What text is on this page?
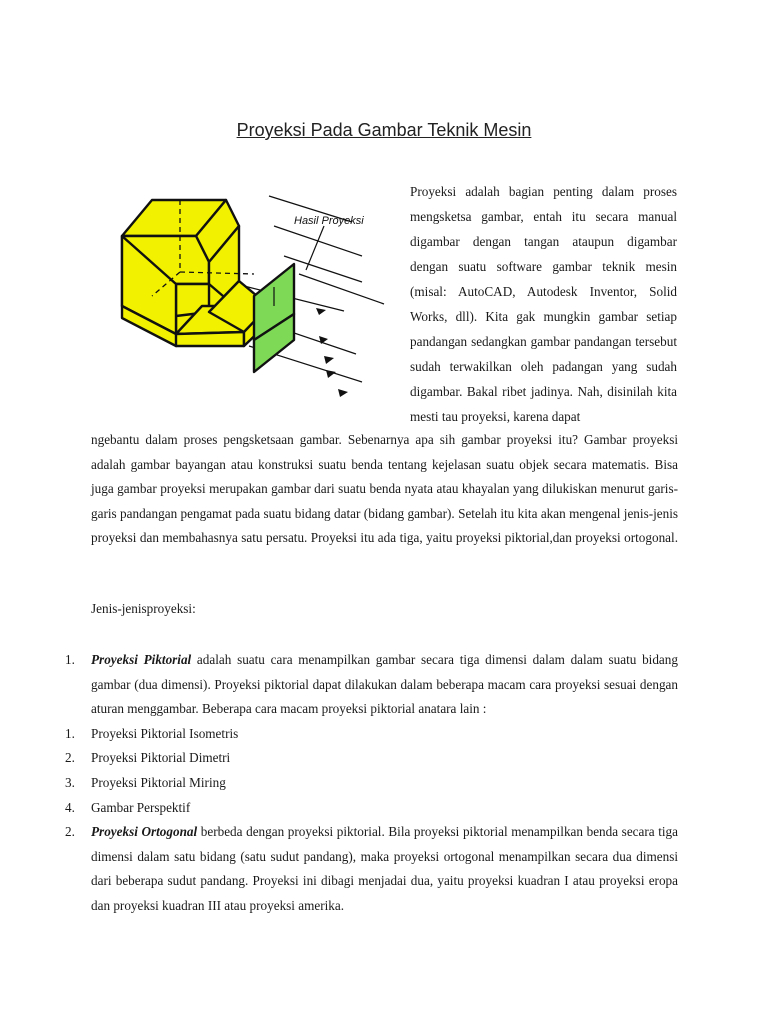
Proyeksi Pada Gambar Teknik Mesin
Hasil Proyeksi

Proyeksi adalah bagian penting dalam proses mengsketsa gambar, entah itu secara manual digambar dengan tangan ataupun digambar dengan suatu software gambar teknik mesin (misal: AutoCAD, Autodesk Inventor, Solid Works, dll). Kita gak mungkin gambar setiap pandangan sedangkan gambar pandangan tersebut sudah terwakilkan oleh padangan yang sudah digambar. Bakal ribet jadinya. Nah, disinilah kita mesti tau proyeksi, karena dapat

ngebantu dalam proses pengsketsaan gambar. Sebenarnya apa sih gambar proyeksi itu? Gambar proyeksi adalah gambar bayangan atau konstruksi suatu benda tentang kejelasan suatu objek secara matematis. Bisa juga gambar proyeksi merupakan gambar dari suatu benda nyata atau khayalan yang dilukiskan menurut garis-garis pandangan pengamat pada suatu bidang datar (bidang gambar). Setelah itu kita akan mengenal jenis-jenis proyeksi dan membahasnya satu persatu. Proyeksi itu ada tiga, yaitu proyeksi piktorial,dan proyeksi ortogonal.

Jenis-jenisproyeksi:
1. Proyeksi Piktorial adalah suatu cara menampilkan gambar secara tiga dimensi dalam dalam suatu bidang gambar (dua dimensi). Proyeksi piktorial dapat dilakukan dalam beberapa macam cara proyeksi sesuai dengan aturan menggambar. Beberapa cara macam proyeksi piktorial anatara lain :
1. Proyeksi Piktorial Isometris
2. Proyeksi Piktorial Dimetri
3. Proyeksi Piktorial Miring
4. Gambar Perspektif
2. Proyeksi Ortogonal berbeda dengan proyeksi piktorial. Bila proyeksi piktorial menampilkan benda secara tiga dimensi dalam satu bidang (satu sudut pandang), maka proyeksi ortogonal menampilkan secara dua dimensi dari beberapa sudut pandang. Proyeksi ini dibagi menjadai dua, yaitu proyeksi kuadran I atau proyeksi eropa dan proyeksi kuadran III atau proyeksi amerika.
